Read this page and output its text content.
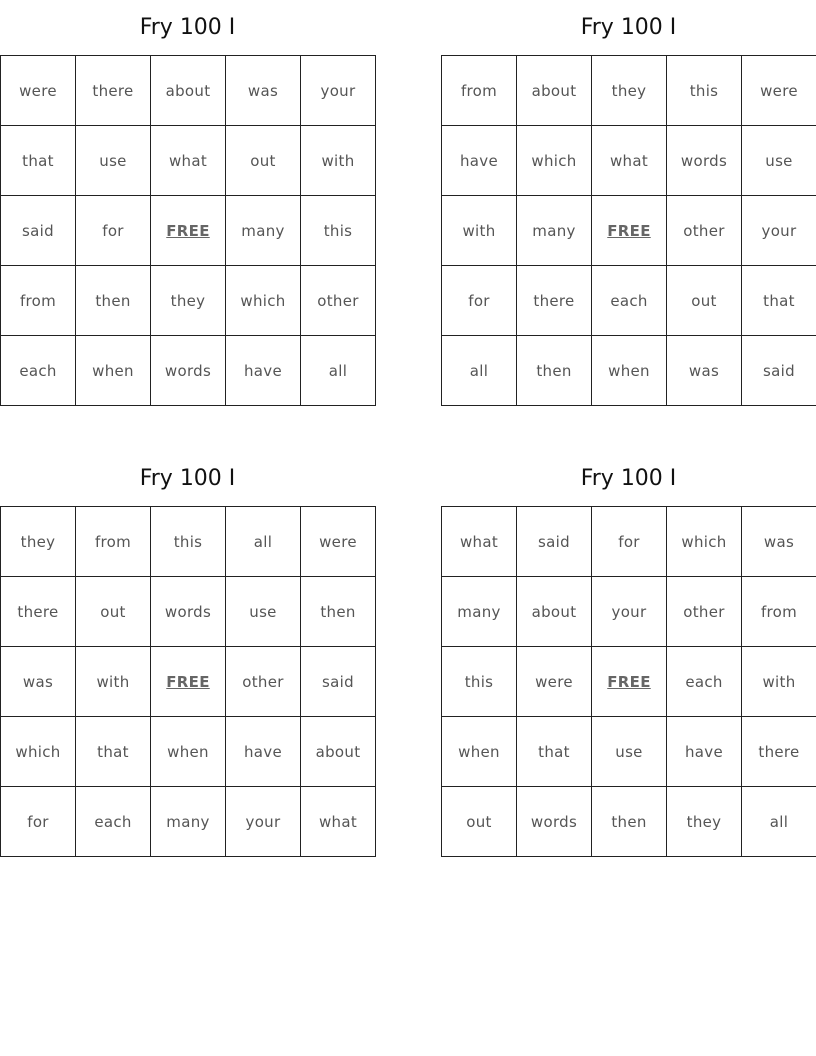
Fry 100 I
were	there	about	was	your
that	use	what	out	with
said	for	FREE	many	this
from	then	they	which	other
each	when	words	have	all
Fry 100 I
from	about	they	this	were
have	which	what	words	use
with	many	FREE	other	your
for	there	each	out	that
all	then	when	was	said
Fry 100 I
they	from	this	all	were
there	out	words	use	then
was	with	FREE	other	said
which	that	when	have	about
for	each	many	your	what
Fry 100 I
what	said	for	which	was
many	about	your	other	from
this	were	FREE	each	with
when	that	use	have	there
out	words	then	they	all
